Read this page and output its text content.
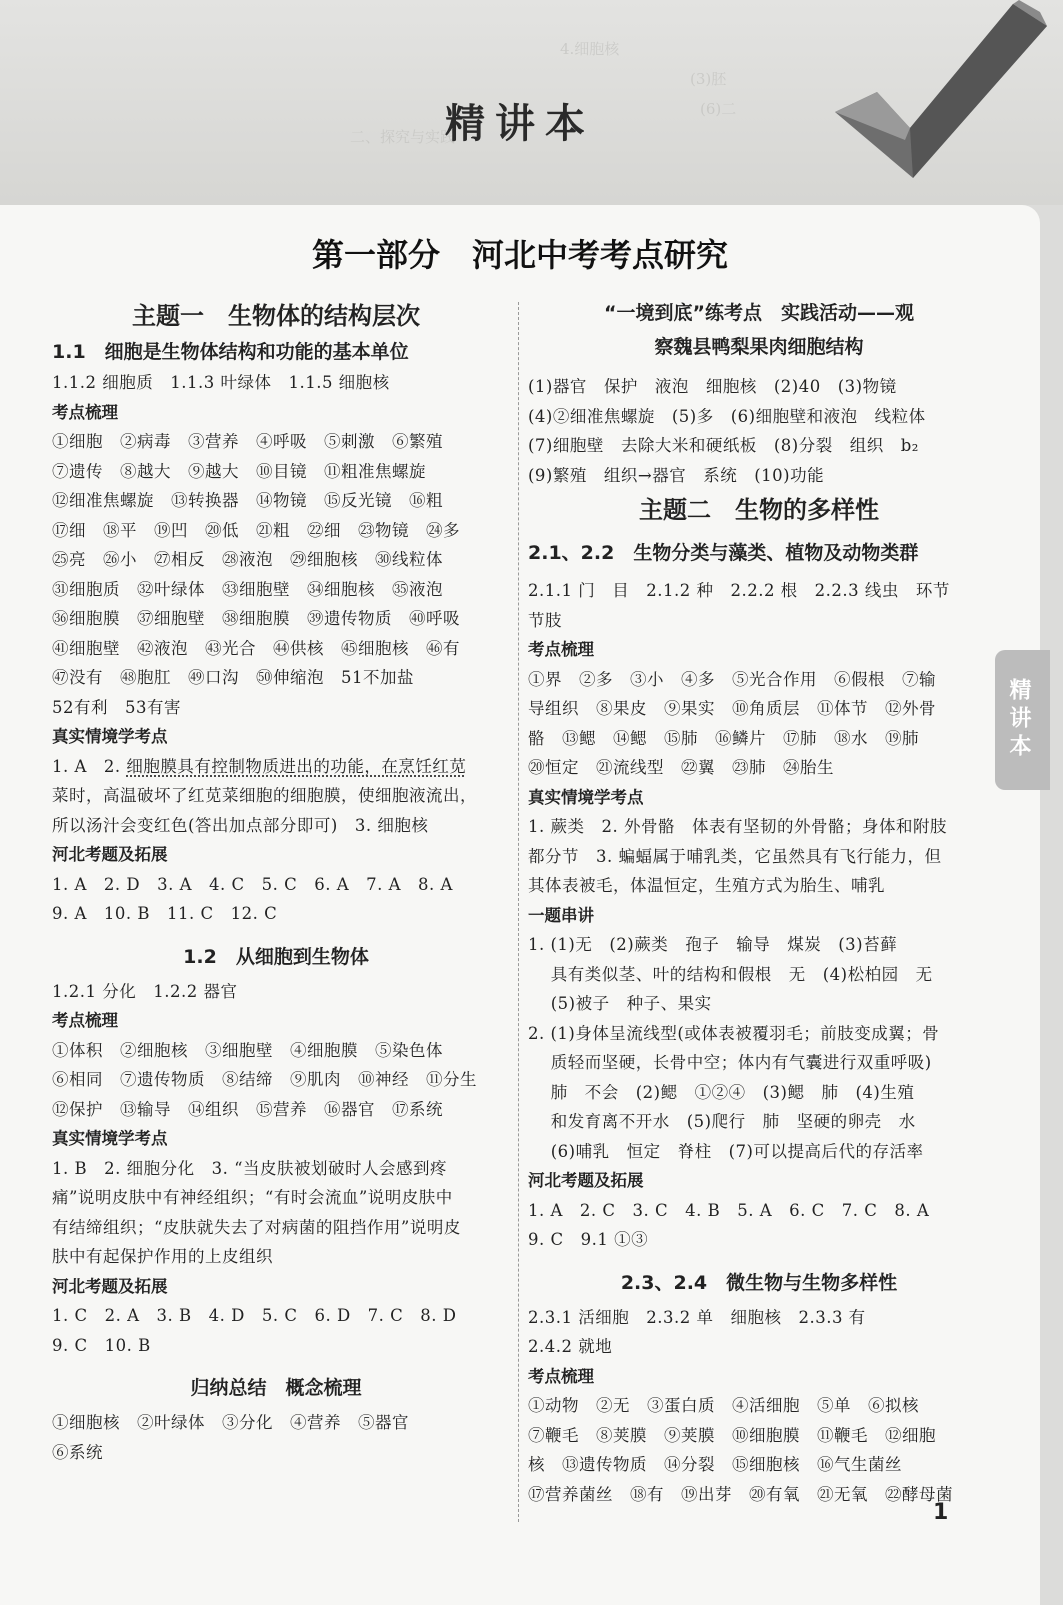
4.细胞核
(3)胚
(6)二
二、探究与实践
精讲本
精讲本
第一部分　河北中考考点研究
主题一　生物体的结构层次
1.1　细胞是生物体结构和功能的基本单位
1.1.2 细胞质　1.1.3 叶绿体　1.1.5 细胞核
考点梳理
①细胞　②病毒　③营养　④呼吸　⑤刺激　⑥繁殖
⑦遗传　⑧越大　⑨越大　⑩目镜　⑪粗准焦螺旋
⑫细准焦螺旋　⑬转换器　⑭物镜　⑮反光镜　⑯粗
⑰细　⑱平　⑲凹　⑳低　㉑粗　㉒细　㉓物镜　㉔多
㉕亮　㉖小　㉗相反　㉘液泡　㉙细胞核　㉚线粒体
㉛细胞质　㉜叶绿体　㉝细胞壁　㉞细胞核　㉟液泡
㊱细胞膜　㊲细胞壁　㊳细胞膜　㊴遗传物质　㊵呼吸
㊶细胞壁　㊷液泡　㊸光合　㊹供核　㊺细胞核　㊻有
㊼没有　㊽胞肛　㊾口沟　㊿伸缩泡　51不加盐
52有利　53有害
真实情境学考点
1. A　2. 细胞膜具有控制物质进出的功能，在烹饪红苋
菜时，高温破坏了红苋菜细胞的细胞膜，使细胞液流出，
所以汤汁会变红色(答出加点部分即可)　3. 细胞核
河北考题及拓展
1. A　2. D　3. A　4. C　5. C　6. A　7. A　8. A
9. A　10. B　11. C　12. C
1.2　从细胞到生物体
1.2.1 分化　1.2.2 器官
考点梳理
①体积　②细胞核　③细胞壁　④细胞膜　⑤染色体
⑥相同　⑦遗传物质　⑧结缔　⑨肌肉　⑩神经　⑪分生
⑫保护　⑬输导　⑭组织　⑮营养　⑯器官　⑰系统
真实情境学考点
1. B　2. 细胞分化　3. “当皮肤被划破时人会感到疼
痛”说明皮肤中有神经组织；“有时会流血”说明皮肤中
有结缔组织；“皮肤就失去了对病菌的阻挡作用”说明皮
肤中有起保护作用的上皮组织
河北考题及拓展
1. C　2. A　3. B　4. D　5. C　6. D　7. C　8. D
9. C　10. B
归纳总结　概念梳理
①细胞核　②叶绿体　③分化　④营养　⑤器官
⑥系统
“一境到底”练考点　实践活动——观
察魏县鸭梨果肉细胞结构
(1)器官　保护　液泡　细胞核　(2)40　(3)物镜
(4)②细准焦螺旋　(5)多　(6)细胞壁和液泡　线粒体
(7)细胞壁　去除大米和硬纸板　(8)分裂　组织　b₂
(9)繁殖　组织→器官　系统　(10)功能
主题二　生物的多样性
2.1、2.2　生物分类与藻类、植物及动物类群
2.1.1 门　目　2.1.2 种　2.2.2 根　2.2.3 线虫　环节
节肢
考点梳理
①界　②多　③小　④多　⑤光合作用　⑥假根　⑦输
导组织　⑧果皮　⑨果实　⑩角质层　⑪体节　⑫外骨
骼　⑬鳃　⑭鳃　⑮肺　⑯鳞片　⑰肺　⑱水　⑲肺
⑳恒定　㉑流线型　㉒翼　㉓肺　㉔胎生
真实情境学考点
1. 蕨类　2. 外骨骼　体表有坚韧的外骨骼；身体和附肢
都分节　3. 蝙蝠属于哺乳类，它虽然具有飞行能力，但
其体表被毛，体温恒定，生殖方式为胎生、哺乳
一题串讲
1. (1)无　(2)蕨类　孢子　输导　煤炭　(3)苔藓
　 具有类似茎、叶的结构和假根　无　(4)松柏园　无
　 (5)被子　种子、果实
2. (1)身体呈流线型(或体表被覆羽毛；前肢变成翼；骨
　 质轻而坚硬，长骨中空；体内有气囊进行双重呼吸)
　 肺　不会　(2)鳃　①②④　(3)鳃　肺　(4)生殖
　 和发育离不开水　(5)爬行　肺　坚硬的卵壳　水
　 (6)哺乳　恒定　脊柱　(7)可以提高后代的存活率
河北考题及拓展
1. A　2. C　3. C　4. B　5. A　6. C　7. C　8. A
9. C　9.1 ①③
2.3、2.4　微生物与生物多样性
2.3.1 活细胞　2.3.2 单　细胞核　2.3.3 有
2.4.2 就地
考点梳理
①动物　②无　③蛋白质　④活细胞　⑤单　⑥拟核
⑦鞭毛　⑧荚膜　⑨荚膜　⑩细胞膜　⑪鞭毛　⑫细胞
核　⑬遗传物质　⑭分裂　⑮细胞核　⑯气生菌丝
⑰营养菌丝　⑱有　⑲出芽　⑳有氧　㉑无氧　㉒酵母菌
1
